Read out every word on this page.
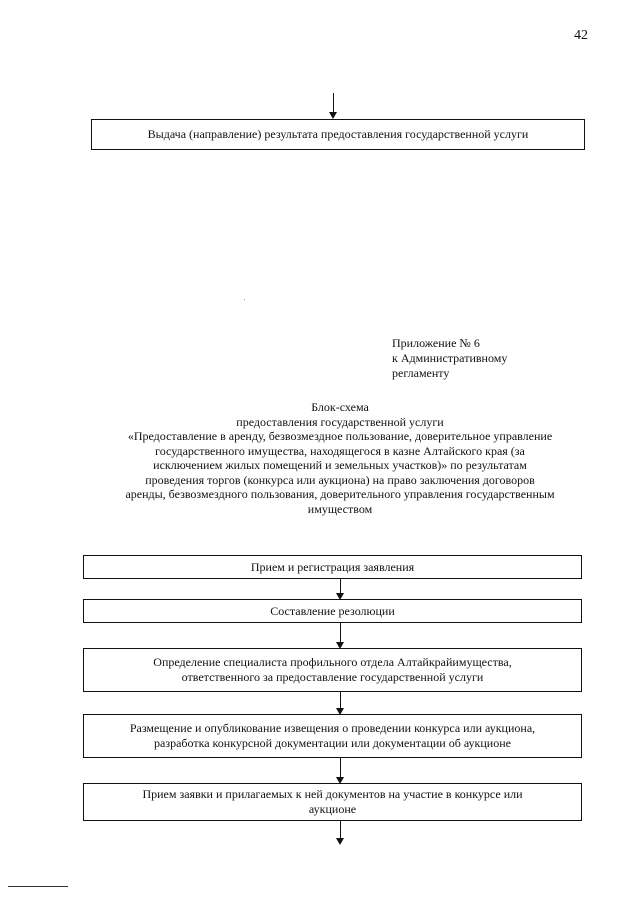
42
Выдача (направление) результата предоставления государственной услуги
Приложение № 6
к Административному
регламенту
Блок-схема
предоставления государственной услуги
«Предоставление в аренду, безвозмездное пользование, доверительное управление
государственного имущества, находящегося в казне Алтайского края (за
исключением жилых помещений и земельных участков)» по результатам
проведения торгов (конкурса или аукциона) на право заключения договоров
аренды, безвозмездного пользования, доверительного управления государственным
имуществом
Прием и регистрация заявления
Составление резолюции
Определение специалиста профильного отдела Алтайкрайимущества,
ответственного за предоставление государственной услуги
Размещение и опубликование извещения о проведении конкурса или аукциона,
разработка конкурсной документации или документации об аукционе
Прием заявки и прилагаемых к ней документов на участие в конкурсе или
аукционе
